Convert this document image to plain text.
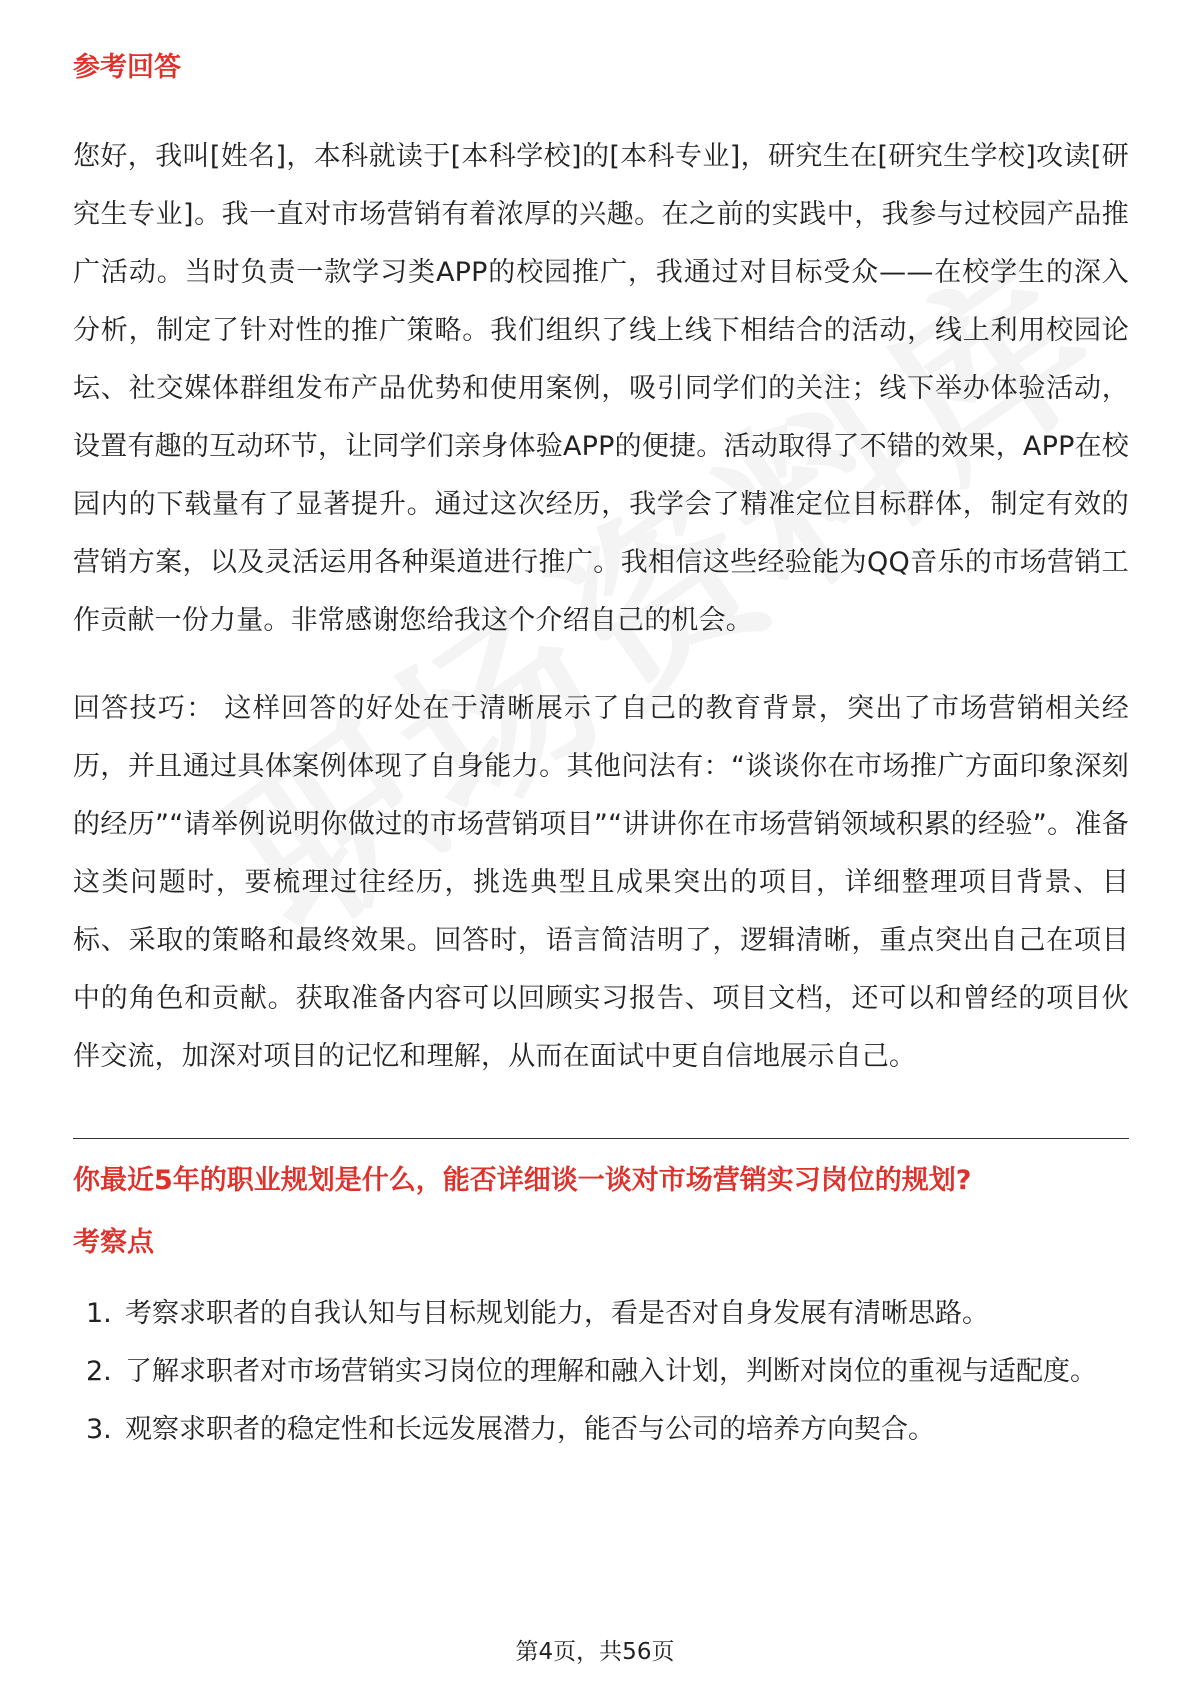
参考回答

您好，我叫[姓名]，本科就读于[本科学校]的[本科专业]，研究生在[研究生学校]攻读[研究生专业]。我一直对市场营销有着浓厚的兴趣。在之前的实践中，我参与过校园产品推广活动。当时负责一款学习类APP的校园推广，我通过对目标受众——在校学生的深入分析，制定了针对性的推广策略。我们组织了线上线下相结合的活动，线上利用校园论坛、社交媒体群组发布产品优势和使用案例，吸引同学们的关注；线下举办体验活动，设置有趣的互动环节，让同学们亲身体验APP的便捷。活动取得了不错的效果，APP在校园内的下载量有了显著提升。通过这次经历，我学会了精准定位目标群体，制定有效的营销方案，以及灵活运用各种渠道进行推广。我相信这些经验能为QQ音乐的市场营销工作贡献一份力量。非常感谢您给我这个介绍自己的机会。

回答技巧： 这样回答的好处在于清晰展示了自己的教育背景，突出了市场营销相关经历，并且通过具体案例体现了自身能力。其他问法有：“谈谈你在市场推广方面印象深刻的经历”“请举例说明你做过的市场营销项目”“讲讲你在市场营销领域积累的经验”。准备这类问题时，要梳理过往经历，挑选典型且成果突出的项目，详细整理项目背景、目标、采取的策略和最终效果。回答时，语言简洁明了，逻辑清晰，重点突出自己在项目中的角色和贡献。获取准备内容可以回顾实习报告、项目文档，还可以和曾经的项目伙伴交流，加深对项目的记忆和理解，从而在面试中更自信地展示自己。

你最近5年的职业规划是什么，能否详细谈一谈对市场营销实习岗位的规划?
考察点
1. 考察求职者的自我认知与目标规划能力，看是否对自身发展有清晰思路。
2. 了解求职者对市场营销实习岗位的理解和融入计划，判断对岗位的重视与适配度。
3. 观察求职者的稳定性和长远发展潜力，能否与公司的培养方向契合。
第4页，共56页
